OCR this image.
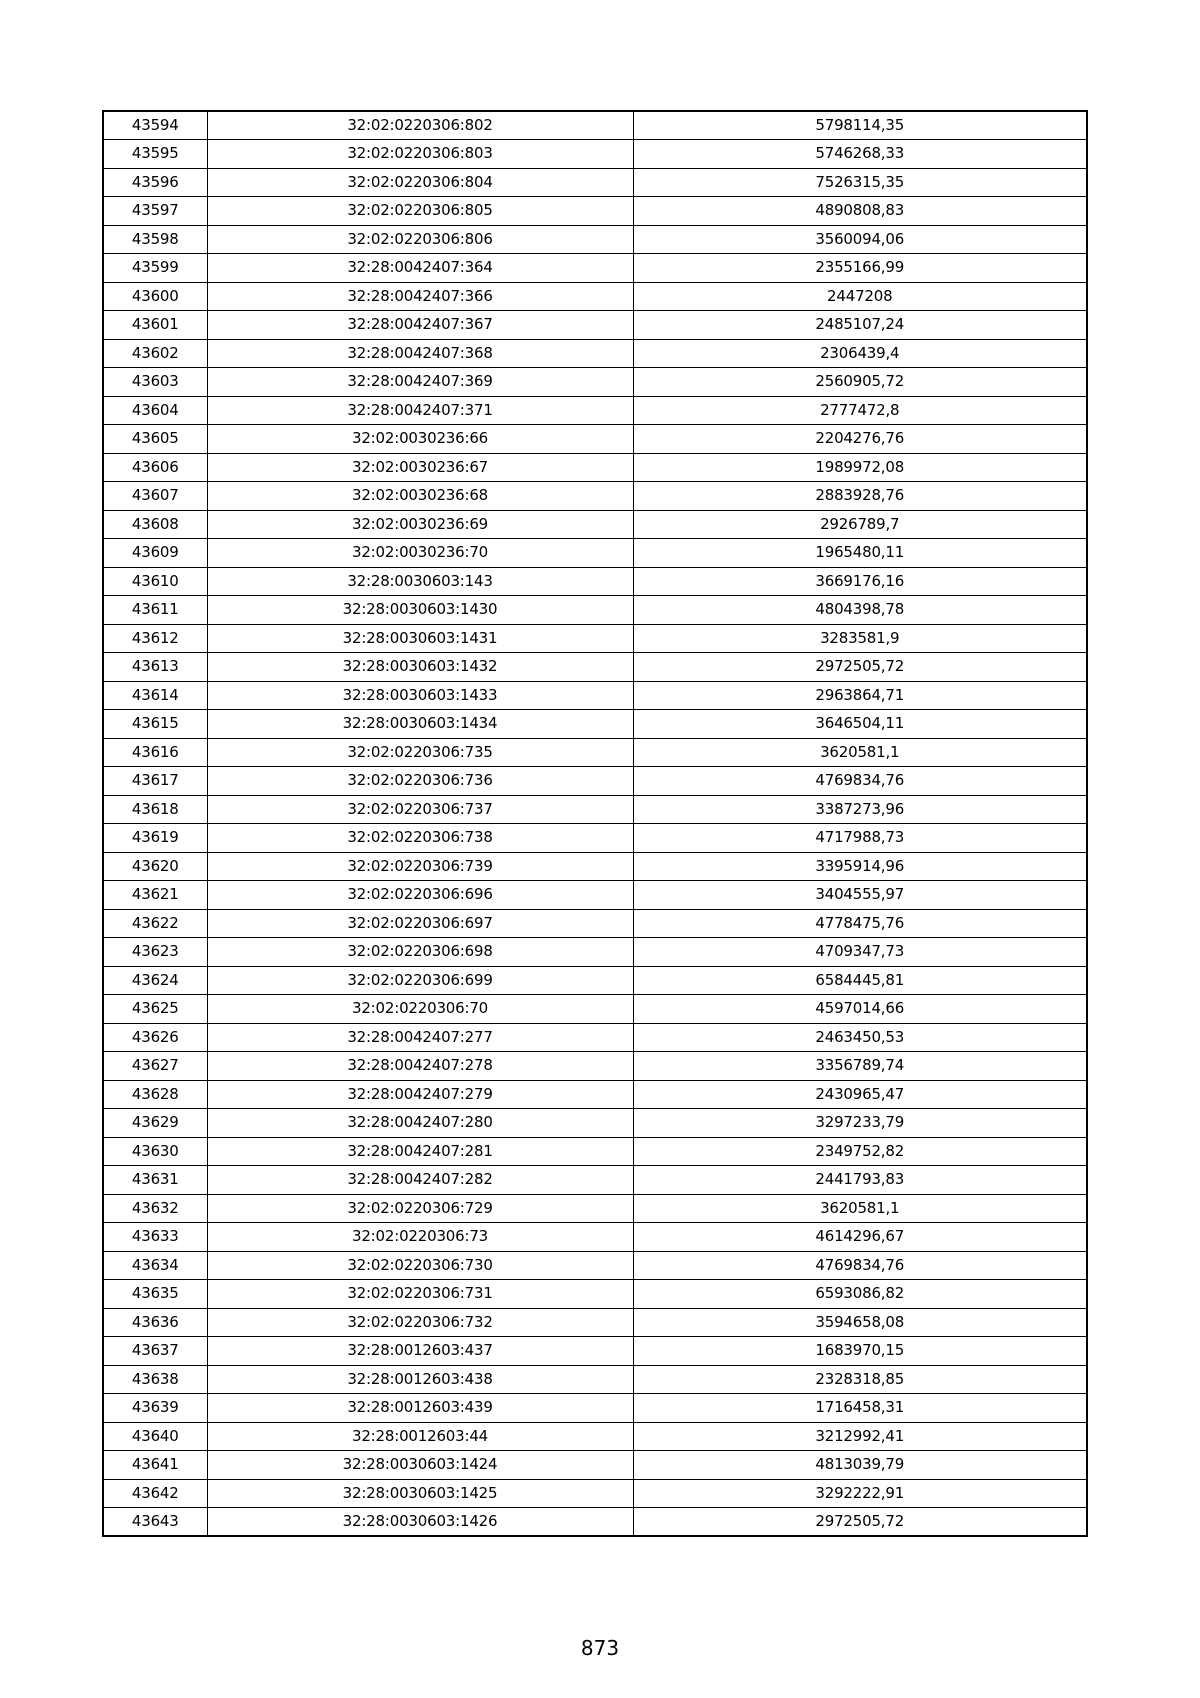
43594	32:02:0220306:802	5798114,35
43595	32:02:0220306:803	5746268,33
43596	32:02:0220306:804	7526315,35
43597	32:02:0220306:805	4890808,83
43598	32:02:0220306:806	3560094,06
43599	32:28:0042407:364	2355166,99
43600	32:28:0042407:366	2447208
43601	32:28:0042407:367	2485107,24
43602	32:28:0042407:368	2306439,4
43603	32:28:0042407:369	2560905,72
43604	32:28:0042407:371	2777472,8
43605	32:02:0030236:66	2204276,76
43606	32:02:0030236:67	1989972,08
43607	32:02:0030236:68	2883928,76
43608	32:02:0030236:69	2926789,7
43609	32:02:0030236:70	1965480,11
43610	32:28:0030603:143	3669176,16
43611	32:28:0030603:1430	4804398,78
43612	32:28:0030603:1431	3283581,9
43613	32:28:0030603:1432	2972505,72
43614	32:28:0030603:1433	2963864,71
43615	32:28:0030603:1434	3646504,11
43616	32:02:0220306:735	3620581,1
43617	32:02:0220306:736	4769834,76
43618	32:02:0220306:737	3387273,96
43619	32:02:0220306:738	4717988,73
43620	32:02:0220306:739	3395914,96
43621	32:02:0220306:696	3404555,97
43622	32:02:0220306:697	4778475,76
43623	32:02:0220306:698	4709347,73
43624	32:02:0220306:699	6584445,81
43625	32:02:0220306:70	4597014,66
43626	32:28:0042407:277	2463450,53
43627	32:28:0042407:278	3356789,74
43628	32:28:0042407:279	2430965,47
43629	32:28:0042407:280	3297233,79
43630	32:28:0042407:281	2349752,82
43631	32:28:0042407:282	2441793,83
43632	32:02:0220306:729	3620581,1
43633	32:02:0220306:73	4614296,67
43634	32:02:0220306:730	4769834,76
43635	32:02:0220306:731	6593086,82
43636	32:02:0220306:732	3594658,08
43637	32:28:0012603:437	1683970,15
43638	32:28:0012603:438	2328318,85
43639	32:28:0012603:439	1716458,31
43640	32:28:0012603:44	3212992,41
43641	32:28:0030603:1424	4813039,79
43642	32:28:0030603:1425	3292222,91
43643	32:28:0030603:1426	2972505,72
873
